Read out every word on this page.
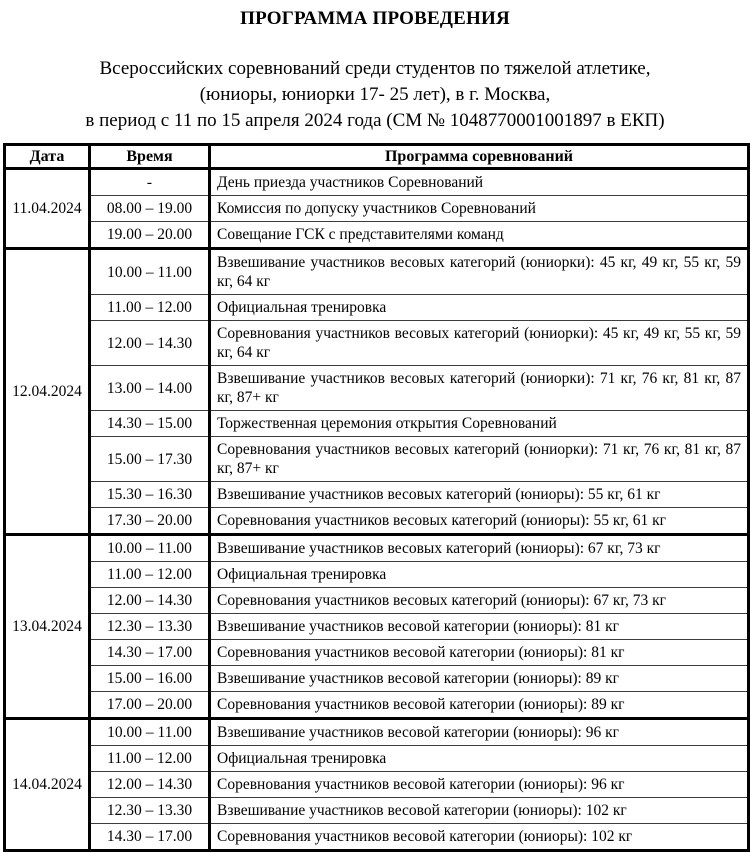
ПРОГРАММА ПРОВЕДЕНИЯ
Всероссийских соревнований среди студентов по тяжелой атлетике,
(юниоры, юниорки 17- 25 лет), в г. Москва,
в период с 11 по 15 апреля 2024 года (СМ № 1048770001001897 в ЕКП)
Дата	Время	Программа соревнований
11.04.2024	-	День приезда участников Соревнований
	08.00 – 19.00	Комиссия по допуску участников Соревнований
	19.00 – 20.00	Совещание ГСК с представителями команд
12.04.2024	10.00 – 11.00	Взвешивание участников весовых категорий (юниорки): 45 кг, 49 кг, 55 кг, 59 кг, 64 кг
	11.00 – 12.00	Официальная тренировка
	12.00 – 14.30	Соревнования участников весовых категорий (юниорки): 45 кг, 49 кг, 55 кг, 59 кг, 64 кг
	13.00 – 14.00	Взвешивание участников весовых категорий (юниорки): 71 кг, 76 кг, 81 кг, 87 кг, 87+ кг
	14.30 – 15.00	Торжественная церемония открытия Соревнований
	15.00 – 17.30	Соревнования участников весовых категорий (юниорки): 71 кг, 76 кг, 81 кг, 87 кг, 87+ кг
	15.30 – 16.30	Взвешивание участников весовых категорий (юниоры): 55 кг, 61 кг
	17.30 – 20.00	Соревнования участников весовых категорий (юниоры): 55 кг, 61 кг
13.04.2024	10.00 – 11.00	Взвешивание участников весовых категорий (юниоры): 67 кг, 73 кг
	11.00 – 12.00	Официальная тренировка
	12.00 – 14.30	Соревнования участников весовых категорий (юниоры): 67 кг, 73 кг
	12.30 – 13.30	Взвешивание участников весовой категории (юниоры): 81 кг
	14.30 – 17.00	Соревнования участников весовой категории (юниоры): 81 кг
	15.00 – 16.00	Взвешивание участников весовой категории (юниоры): 89 кг
	17.00 – 20.00	Соревнования участников весовой категории (юниоры): 89 кг
14.04.2024	10.00 – 11.00	Взвешивание участников весовой категории (юниоры): 96 кг
	11.00 – 12.00	Официальная тренировка
	12.00 – 14.30	Соревнования участников весовой категории (юниоры): 96 кг
	12.30 – 13.30	Взвешивание участников весовой категории (юниоры): 102 кг
	14.30 – 17.00	Соревнования участников весовой категории (юниоры): 102 кг
